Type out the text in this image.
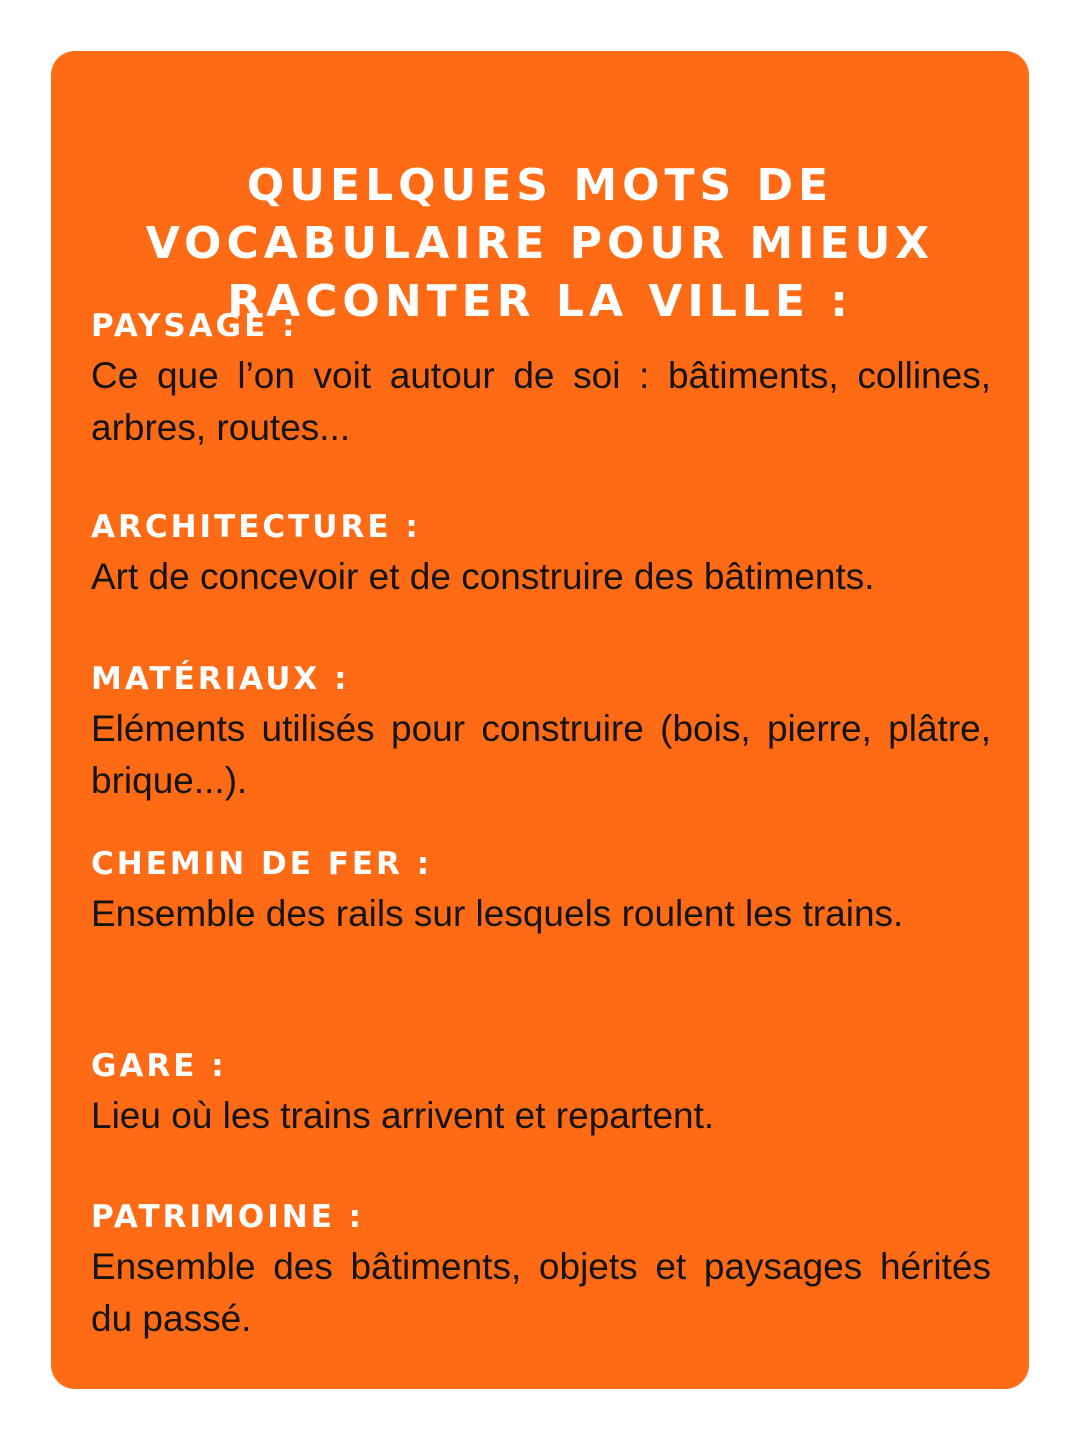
QUELQUES MOTS DE
VOCABULAIRE POUR MIEUX
RACONTER LA VILLE :
PAYSAGE :
Ce que l’on voit autour de soi : bâtiments, collines, arbres, routes...
ARCHITECTURE :
Art de concevoir et de construire des bâtiments.
MATÉRIAUX :
Eléments utilisés pour construire (bois, pierre, plâtre, brique...).
CHEMIN DE FER :
Ensemble des rails sur lesquels roulent les trains.
GARE :
Lieu où les trains arrivent et repartent.
PATRIMOINE :
Ensemble des bâtiments, objets et paysages hérités du passé.
